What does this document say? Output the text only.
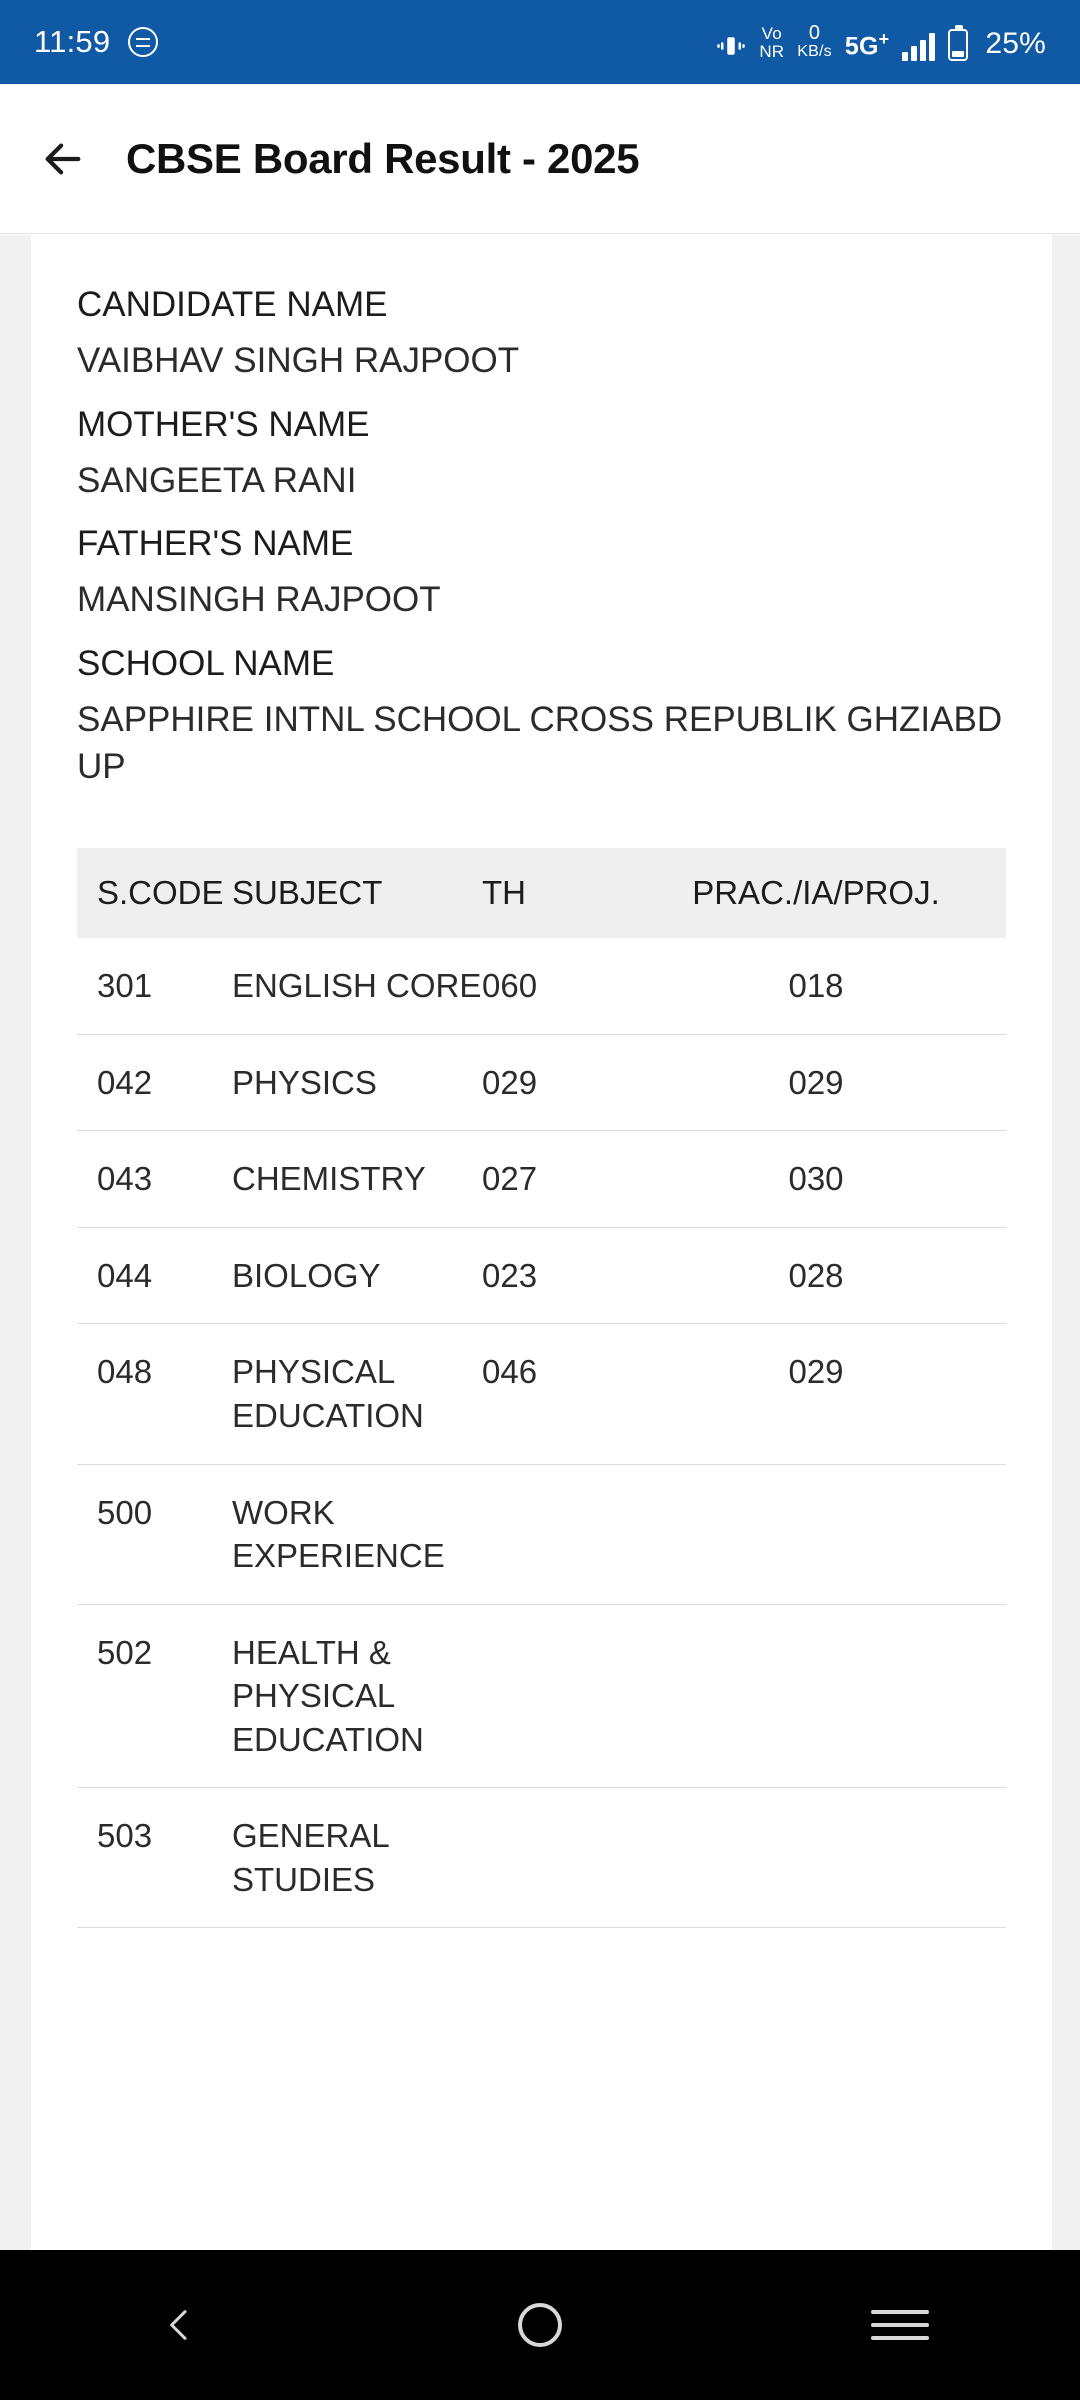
11:59	Vo
NR
0
KB/s 5G+	25%
CBSE Board Result - 2025
CANDIDATE NAME
VAIBHAV SINGH RAJPOOT
MOTHER'S NAME
SANGEETA RANI
FATHER'S NAME
MANSINGH RAJPOOT
SCHOOL NAME
SAPPHIRE INTNL SCHOOL CROSS REPUBLIK GHZIABD UP
S.CODE	SUBJECT	TH	PRAC./IA/PROJ.
301	ENGLISH CORE	060	018
042	PHYSICS	029	029
043	CHEMISTRY	027	030
044	BIOLOGY	023	028
048	PHYSICAL EDUCATION	046	029
500	WORK EXPERIENCE		
502	HEALTH & PHYSICAL EDUCATION		
503	GENERAL STUDIES		
